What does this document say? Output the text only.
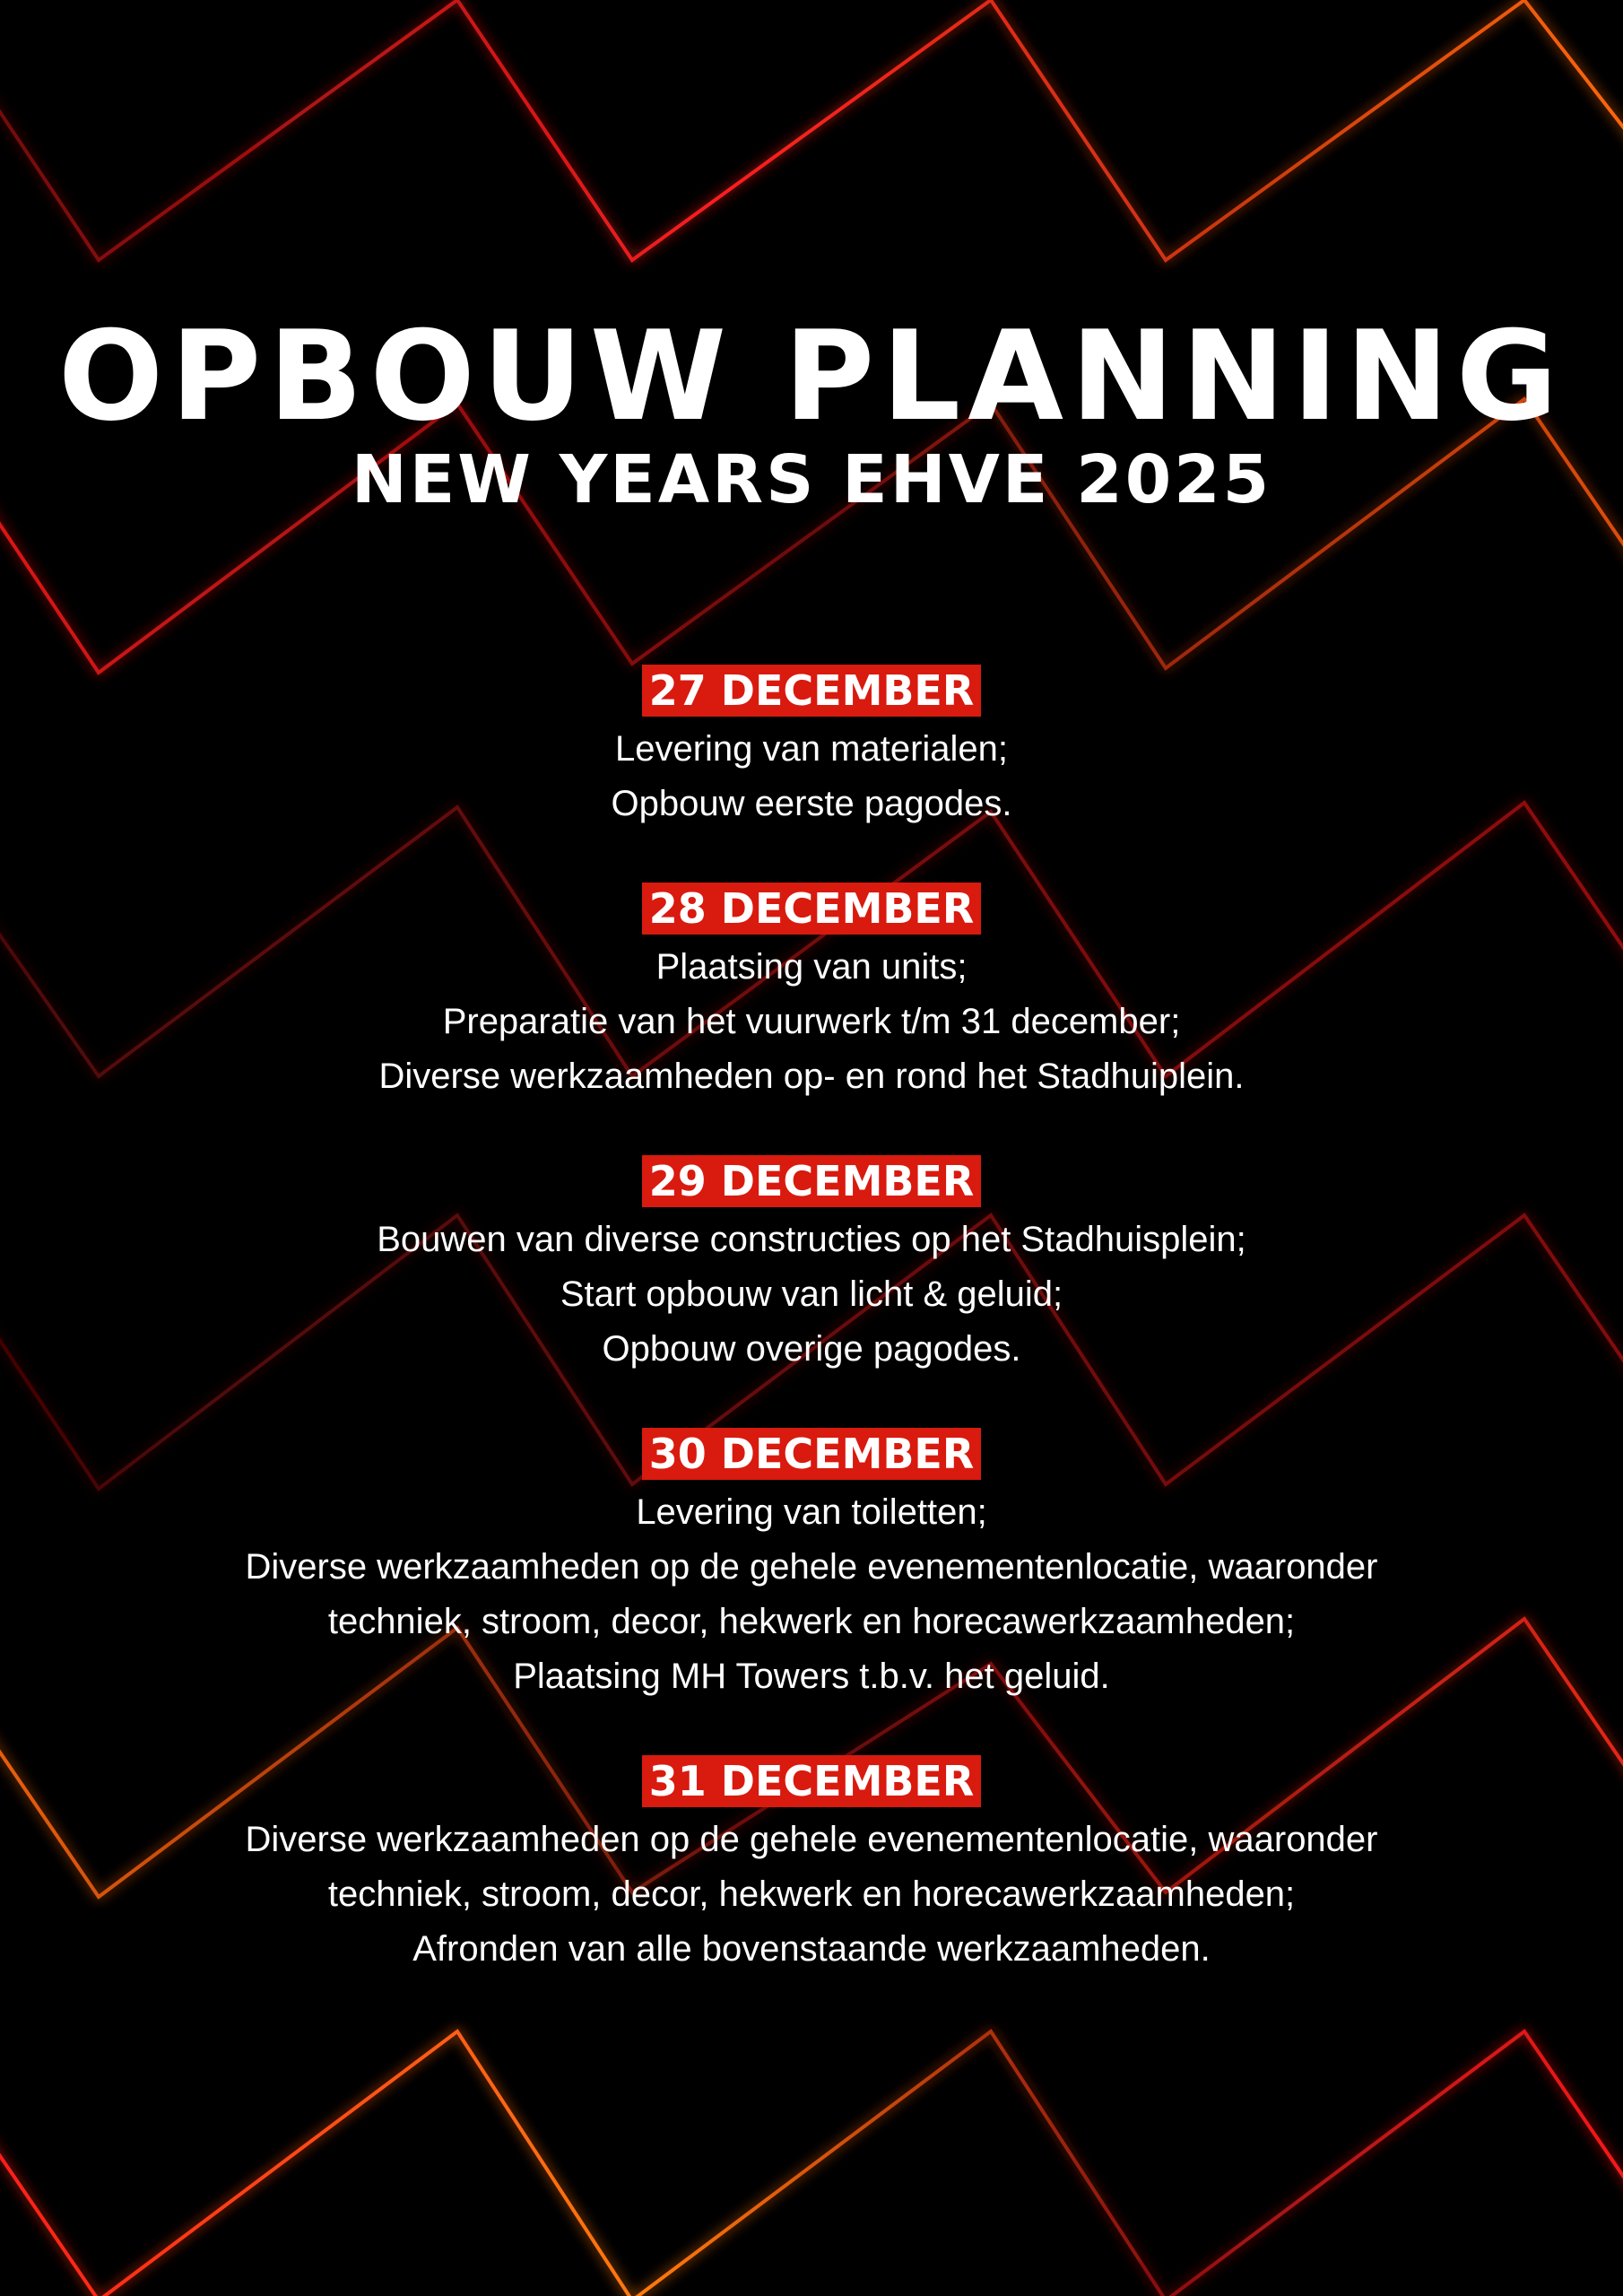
OPBOUW PLANNING
NEW YEARS EHVE 2025
27 DECEMBER
Levering van materialen;
Opbouw eerste pagodes.
28 DECEMBER
Plaatsing van units;
Preparatie van het vuurwerk t/m 31 december;
Diverse werkzaamheden op- en rond het Stadhuiplein.
29 DECEMBER
Bouwen van diverse constructies op het Stadhuisplein;
Start opbouw van licht & geluid;
Opbouw overige pagodes.
30 DECEMBER
Levering van toiletten;
Diverse werkzaamheden op de gehele evenementenlocatie, waaronder
techniek, stroom, decor, hekwerk en horecawerkzaamheden;
Plaatsing MH Towers t.b.v. het geluid.
31 DECEMBER
Diverse werkzaamheden op de gehele evenementenlocatie, waaronder
techniek, stroom, decor, hekwerk en horecawerkzaamheden;
Afronden van alle bovenstaande werkzaamheden.
